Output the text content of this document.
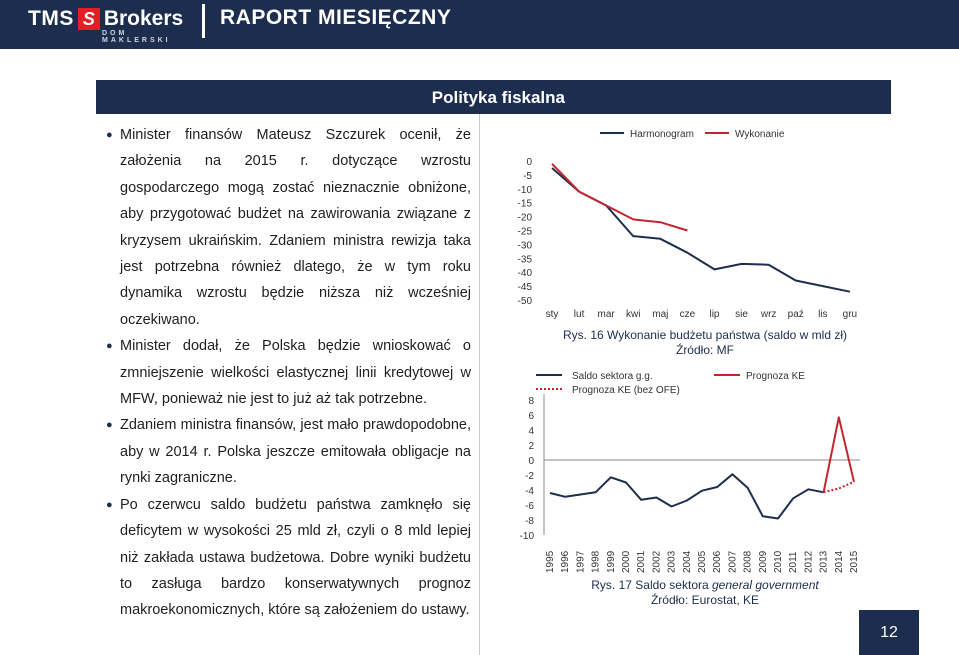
TMS S Brokers
DOM MAKLERSKI
RAPORT MIESIĘCZNY
Polityka fiskalna
● Minister finansów Mateusz Szczurek ocenił, że założenia na 2015 r. dotyczące wzrostu gospodarczego mogą zostać nieznacznie obniżone, aby przygotować budżet na zawirowania związane z kryzysem ukraińskim. Zdaniem ministra rewizja taka jest potrzebna również dlatego, że w tym roku dynamika wzrostu będzie niższa niż wcześniej oczekiwano.
● Minister dodał, że Polska będzie wnioskować o zmniejszenie wielkości elastycznej linii kredytowej w MFW, ponieważ nie jest to już aż tak potrzebne.
● Zdaniem ministra finansów, jest mało prawdopodobne, aby w 2014 r. Polska jeszcze emitowała obligacje na rynki zagraniczne.
● Po czerwcu saldo budżetu państwa zamknęło się deficytem w wysokości 25 mld zł, czyli o 8 mld lepiej niż zakłada ustawa budżetowa. Dobre wyniki budżetu to zasługa bardzo konserwatywnych prognoz makroekonomicznych, które są założeniem do ustawy.
0
-5
-10
-15
-20
-25
-30
-35
-40
-45
-50
sty lut mar kwi maj cze lip sie wrz paź lis gru
Harmonogram	Wykonanie
Rys. 16 Wykonanie budżetu państwa (saldo w mld zł)
Źródło: MF
8
6
4
2
0
-2
-4
-6
-8
-10
1995 1996 1997 1998 1999 2000 2001 2002 2003 2004 2005 2006 2007 2008 2009 2010 2011 2012 2013 2014 2015
Saldo sektora g.g.	Prognoza KE
Prognoza KE (bez OFE)
Rys. 17 Saldo sektora general government
Źródło: Eurostat, KE
12
